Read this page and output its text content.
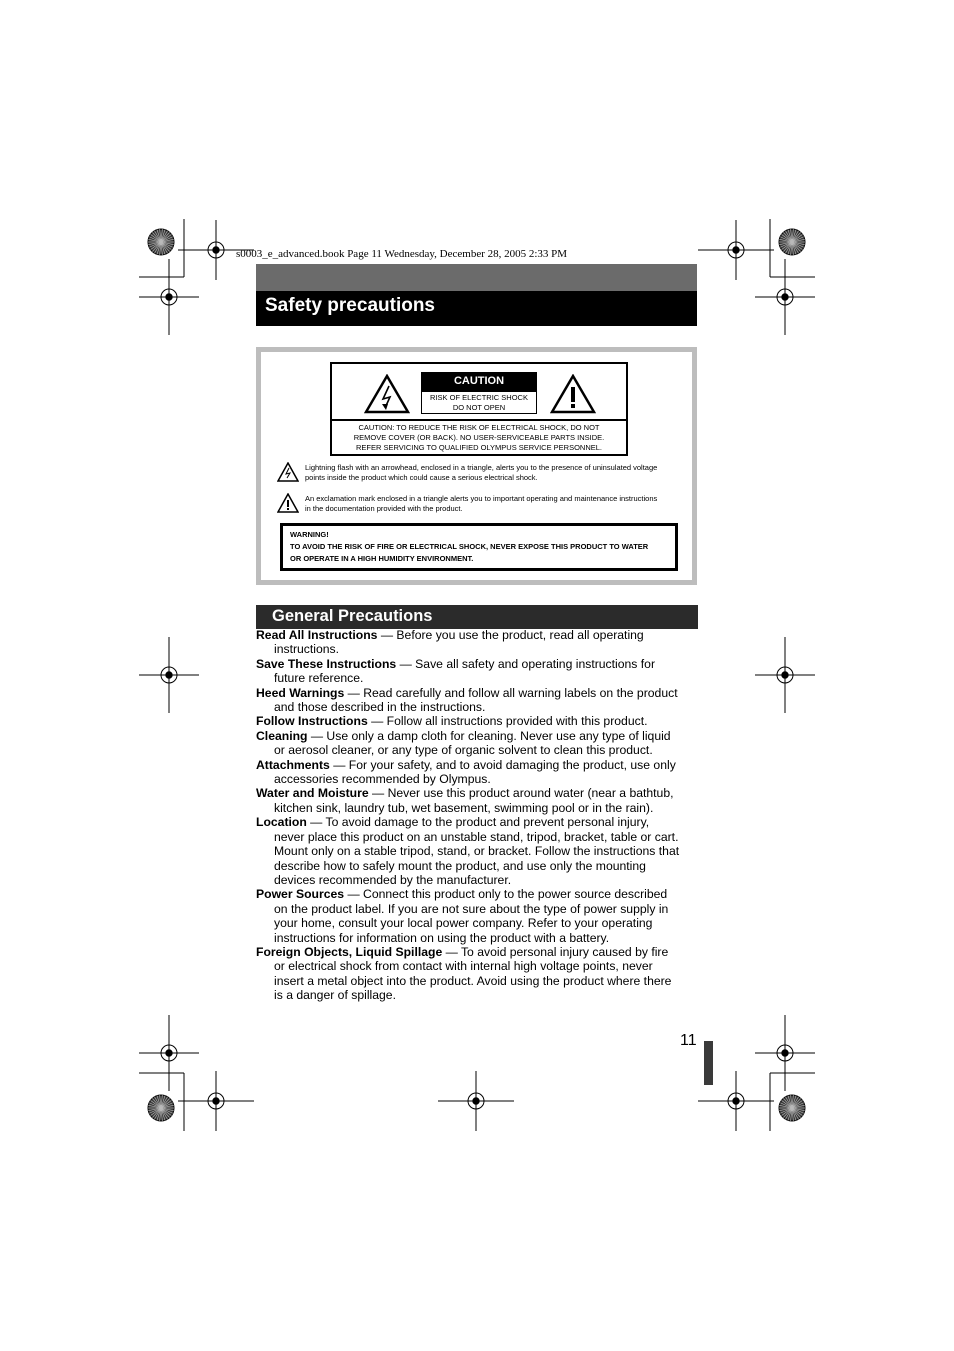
s0003_e_advanced.book Page 11 Wednesday, December 28, 2005 2:33 PM
Safety precautions
CAUTION
RISK OF ELECTRIC SHOCK
DO NOT OPEN
CAUTION: TO REDUCE THE RISK OF ELECTRICAL SHOCK, DO NOT
REMOVE COVER (OR BACK). NO USER-SERVICEABLE PARTS INSIDE.
REFER SERVICING TO QUALIFIED OLYMPUS SERVICE PERSONNEL.
Lightning flash with an arrowhead, enclosed in a triangle, alerts you to the presence of uninsulated voltage
points inside the product which could cause a serious electrical shock.
An exclamation mark enclosed in a triangle alerts you to important operating and maintenance instructions
in the documentation provided with the product.
WARNING!
TO AVOID THE RISK OF FIRE OR ELECTRICAL SHOCK, NEVER EXPOSE THIS PRODUCT TO WATER
OR OPERATE IN A HIGH HUMIDITY ENVIRONMENT.
General Precautions
Read All Instructions — Before you use the product, read all operating
instructions.
Save These Instructions — Save all safety and operating instructions for
future reference.
Heed Warnings — Read carefully and follow all warning labels on the product
and those described in the instructions.
Follow Instructions — Follow all instructions provided with this product.
Cleaning — Use only a damp cloth for cleaning. Never use any type of liquid
or aerosol cleaner, or any type of organic solvent to clean this product.
Attachments — For your safety, and to avoid damaging the product, use only
accessories recommended by Olympus.
Water and Moisture — Never use this product around water (near a bathtub,
kitchen sink, laundry tub, wet basement, swimming pool or in the rain).
Location — To avoid damage to the product and prevent personal injury,
never place this product on an unstable stand, tripod, bracket, table or cart.
Mount only on a stable tripod, stand, or bracket. Follow the instructions that
describe how to safely mount the product, and use only the mounting
devices recommended by the manufacturer.
Power Sources — Connect this product only to the power source described
on the product label. If you are not sure about the type of power supply in
your home, consult your local power company. Refer to your operating
instructions for information on using the product with a battery.
Foreign Objects, Liquid Spillage — To avoid personal injury caused by fire
or electrical shock from contact with internal high voltage points, never
insert a metal object into the product. Avoid using the product where there
is a danger of spillage.
11
